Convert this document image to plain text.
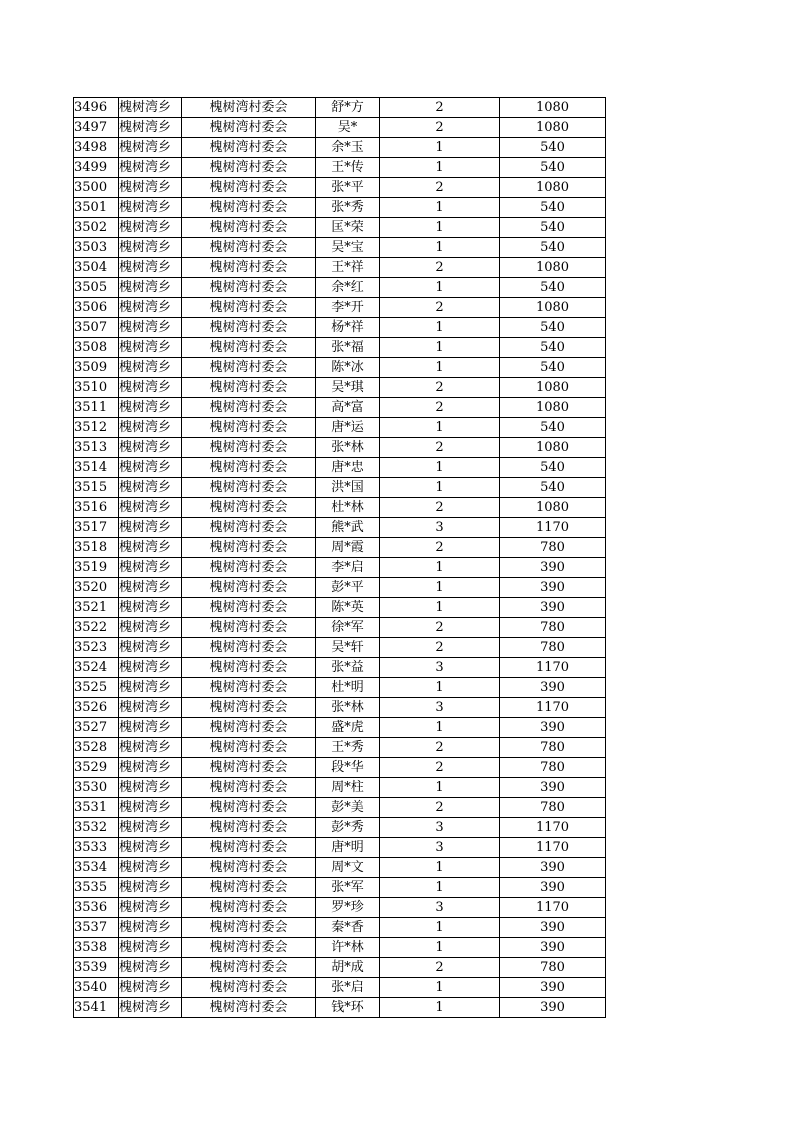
3496	槐树湾乡	槐树湾村委会	舒*方	2	1080
3497	槐树湾乡	槐树湾村委会	吴*	2	1080
3498	槐树湾乡	槐树湾村委会	余*玉	1	540
3499	槐树湾乡	槐树湾村委会	王*传	1	540
3500	槐树湾乡	槐树湾村委会	张*平	2	1080
3501	槐树湾乡	槐树湾村委会	张*秀	1	540
3502	槐树湾乡	槐树湾村委会	匡*荣	1	540
3503	槐树湾乡	槐树湾村委会	吴*宝	1	540
3504	槐树湾乡	槐树湾村委会	王*祥	2	1080
3505	槐树湾乡	槐树湾村委会	余*红	1	540
3506	槐树湾乡	槐树湾村委会	李*开	2	1080
3507	槐树湾乡	槐树湾村委会	杨*祥	1	540
3508	槐树湾乡	槐树湾村委会	张*福	1	540
3509	槐树湾乡	槐树湾村委会	陈*冰	1	540
3510	槐树湾乡	槐树湾村委会	吴*琪	2	1080
3511	槐树湾乡	槐树湾村委会	高*富	2	1080
3512	槐树湾乡	槐树湾村委会	唐*运	1	540
3513	槐树湾乡	槐树湾村委会	张*林	2	1080
3514	槐树湾乡	槐树湾村委会	唐*忠	1	540
3515	槐树湾乡	槐树湾村委会	洪*国	1	540
3516	槐树湾乡	槐树湾村委会	杜*林	2	1080
3517	槐树湾乡	槐树湾村委会	熊*武	3	1170
3518	槐树湾乡	槐树湾村委会	周*霞	2	780
3519	槐树湾乡	槐树湾村委会	李*启	1	390
3520	槐树湾乡	槐树湾村委会	彭*平	1	390
3521	槐树湾乡	槐树湾村委会	陈*英	1	390
3522	槐树湾乡	槐树湾村委会	徐*军	2	780
3523	槐树湾乡	槐树湾村委会	吴*轩	2	780
3524	槐树湾乡	槐树湾村委会	张*益	3	1170
3525	槐树湾乡	槐树湾村委会	杜*明	1	390
3526	槐树湾乡	槐树湾村委会	张*林	3	1170
3527	槐树湾乡	槐树湾村委会	盛*虎	1	390
3528	槐树湾乡	槐树湾村委会	王*秀	2	780
3529	槐树湾乡	槐树湾村委会	段*华	2	780
3530	槐树湾乡	槐树湾村委会	周*柱	1	390
3531	槐树湾乡	槐树湾村委会	彭*美	2	780
3532	槐树湾乡	槐树湾村委会	彭*秀	3	1170
3533	槐树湾乡	槐树湾村委会	唐*明	3	1170
3534	槐树湾乡	槐树湾村委会	周*文	1	390
3535	槐树湾乡	槐树湾村委会	张*军	1	390
3536	槐树湾乡	槐树湾村委会	罗*珍	3	1170
3537	槐树湾乡	槐树湾村委会	秦*香	1	390
3538	槐树湾乡	槐树湾村委会	许*林	1	390
3539	槐树湾乡	槐树湾村委会	胡*成	2	780
3540	槐树湾乡	槐树湾村委会	张*启	1	390
3541	槐树湾乡	槐树湾村委会	钱*环	1	390
